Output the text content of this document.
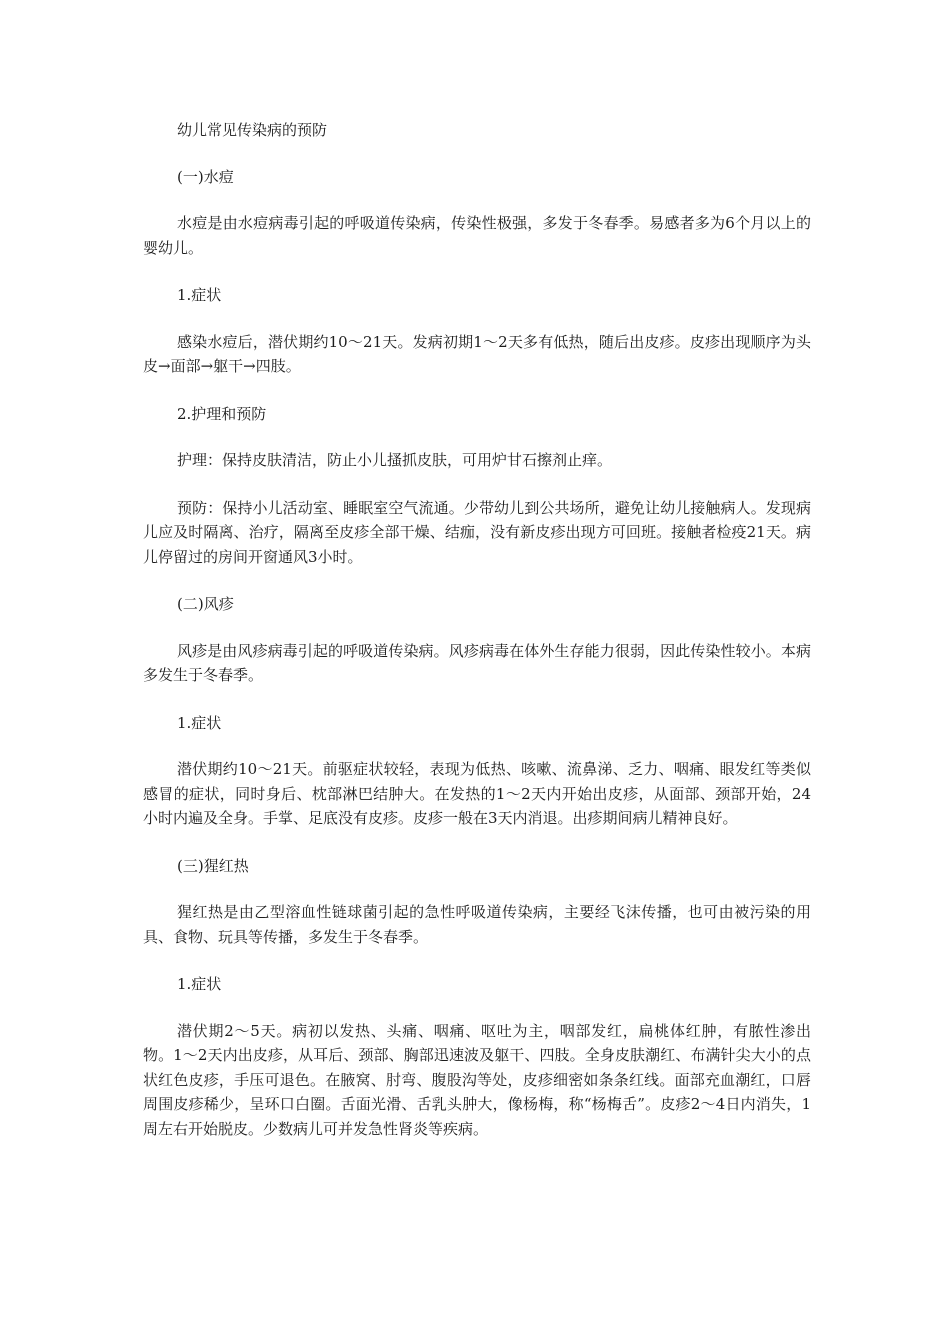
幼儿常见传染病的预防

(一)水痘

水痘是由水痘病毒引起的呼吸道传染病，传染性极强，多发于冬春季。易感者多为6个月以上的婴幼儿。

1.症状

感染水痘后，潜伏期约10～21天。发病初期1～2天多有低热，随后出皮疹。皮疹出现顺序为头皮→面部→躯干→四肢。

2.护理和预防

护理：保持皮肤清洁，防止小儿搔抓皮肤，可用炉甘石擦剂止痒。

预防：保持小儿活动室、睡眠室空气流通。少带幼儿到公共场所，避免让幼儿接触病人。发现病儿应及时隔离、治疗，隔离至皮疹全部干燥、结痂，没有新皮疹出现方可回班。接触者检疫21天。病儿停留过的房间开窗通风3小时。

(二)风疹

风疹是由风疹病毒引起的呼吸道传染病。风疹病毒在体外生存能力很弱，因此传染性较小。本病多发生于冬春季。

1.症状

潜伏期约10～21天。前驱症状较轻，表现为低热、咳嗽、流鼻涕、乏力、咽痛、眼发红等类似感冒的症状，同时身后、枕部淋巴结肿大。在发热的1～2天内开始出皮疹，从面部、颈部开始，24小时内遍及全身。手掌、足底没有皮疹。皮疹一般在3天内消退。出疹期间病儿精神良好。

(三)猩红热

猩红热是由乙型溶血性链球菌引起的急性呼吸道传染病，主要经飞沫传播，也可由被污染的用具、食物、玩具等传播，多发生于冬春季。

1.症状

潜伏期2～5天。病初以发热、头痛、咽痛、呕吐为主，咽部发红，扁桃体红肿，有脓性渗出物。1～2天内出皮疹，从耳后、颈部、胸部迅速波及躯干、四肢。全身皮肤潮红、布满针尖大小的点状红色皮疹，手压可退色。在腋窝、肘弯、腹股沟等处，皮疹细密如条条红线。面部充血潮红，口唇周围皮疹稀少，呈环口白圈。舌面光滑、舌乳头肿大，像杨梅，称“杨梅舌”。皮疹2～4日内消失，1周左右开始脱皮。少数病儿可并发急性肾炎等疾病。
